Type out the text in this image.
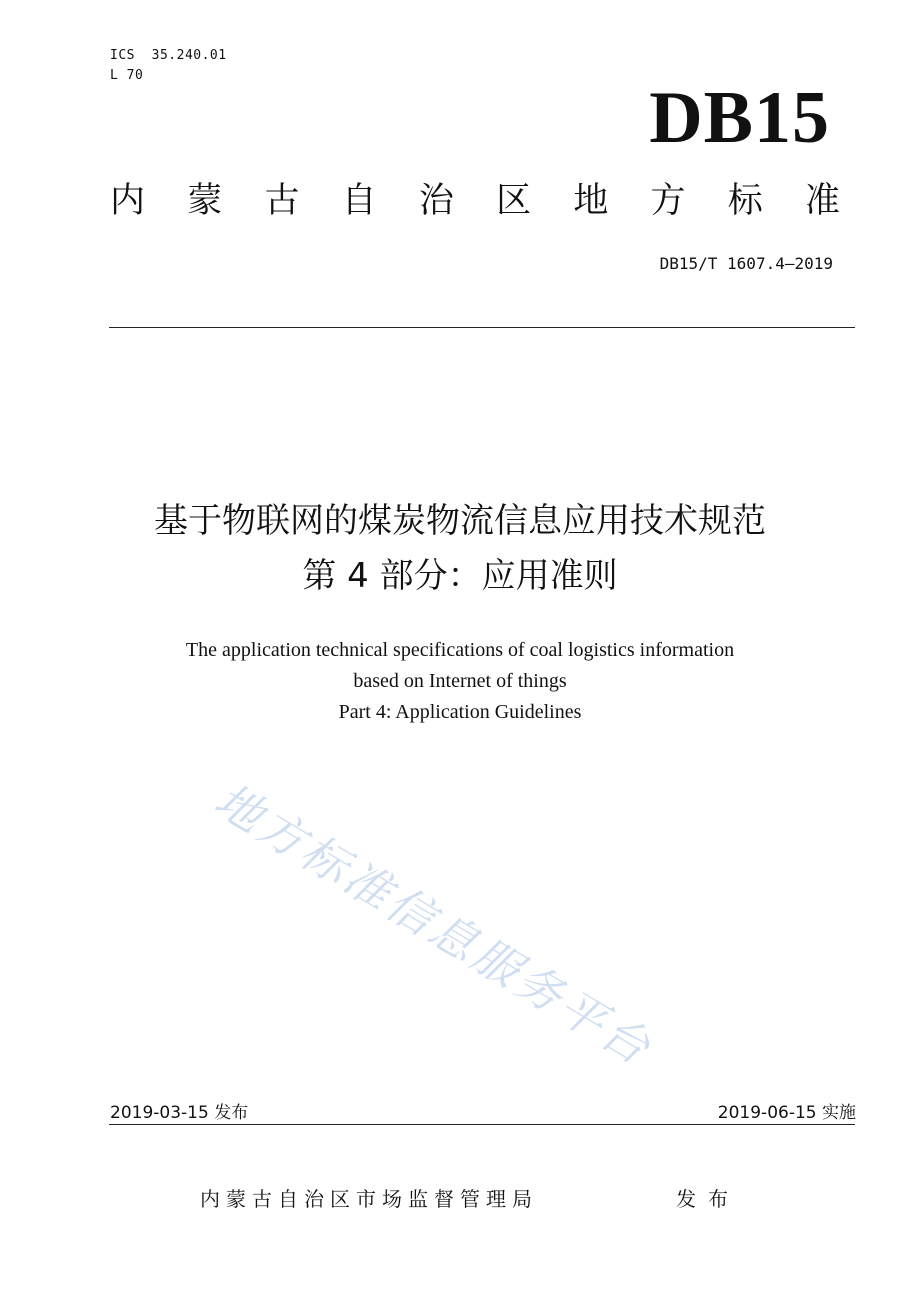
ICS  35.240.01
L 70
DB15
内 蒙 古 自 治 区 地 方 标 准
DB15/T 1607.4—2019
基于物联网的煤炭物流信息应用技术规范
第 4 部分：应用准则
The application technical specifications of coal logistics information
based on Internet of things
Part 4: Application Guidelines
地方标准信息服务平台
2019-03-15 发布	2019-06-15 实施
内蒙古自治区市场监督管理局	发布
